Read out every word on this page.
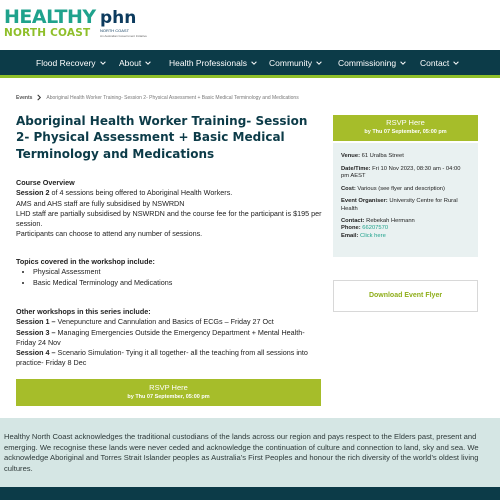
HEALTHY
NORTH COAST
phn
NORTH COAST
An Australian Government Initiative
Flood Recovery	About	Health Professionals	Community	Commissioning	Contact
Events	Aboriginal Health Worker Training- Session 2- Physical Assessment + Basic Medical Terminology and Medications
Aboriginal Health Worker Training- Session 2- Physical Assessment + Basic Medical Terminology and Medications
Course Overview
Session 2 of 4 sessions being offered to Aboriginal Health Workers.
AMS and AHS staff are fully subsidised by NSWRDN
LHD staff are partially subsidised by NSWRDN and the course fee for the participant is $195 per session.
Participants can choose to attend any number of sessions.
Topics covered in the workshop include:
• Physical Assessment
• Basic Medical Terminology and Medications
Other workshops in this series include:
Session 1 – Venepuncture and Cannulation and Basics of ECGs – Friday 27 Oct
Session 3 – Managing Emergencies Outside the Emergency Department + Mental Health- Friday 24 Nov
Session 4 – Scenario Simulation- Tying it all together- all the teaching from all sessions into practice- Friday 8 Dec
RSVP Here
by Thu 07 September, 05:00 pm
RSVP Here
by Thu 07 September, 05:00 pm
Venue: 61 Uralba Street
Date/Time: Fri 10 Nov 2023, 08:30 am - 04:00 pm AEST
Cost: Various (see flyer and description)
Event Organiser: University Centre for Rural Health
Contact: Rebekah Hermann
Phone: 66207570
Email: Click here
Download Event Flyer
Healthy North Coast acknowledges the traditional custodians of the lands across our region and pays respect to the Elders past, present and emerging. We recognise these lands were never ceded and acknowledge the continuation of culture and connection to land, sky and sea. We acknowledge Aboriginal and Torres Strait Islander peoples as Australia’s First Peoples and honour the rich diversity of the world’s oldest living cultures.
